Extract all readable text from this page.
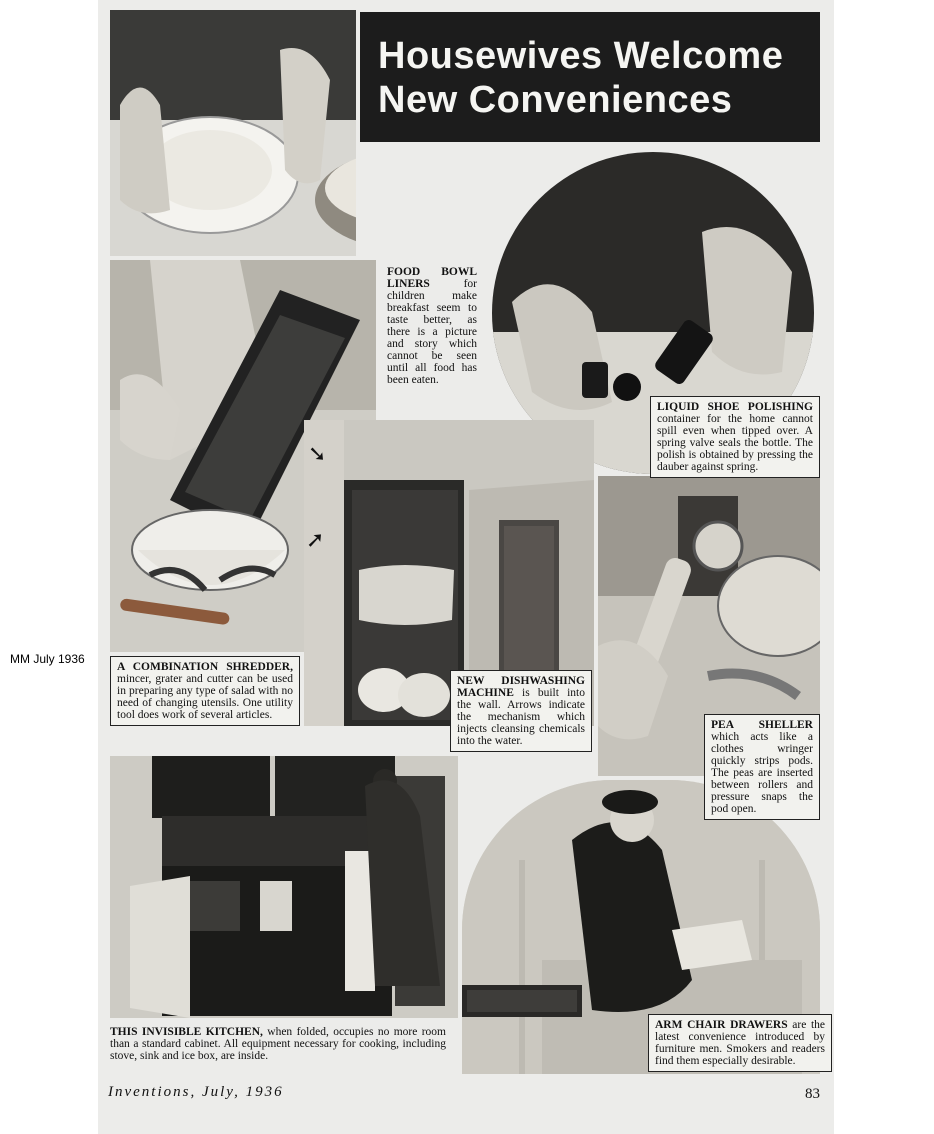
MM July 1936
Housewives Welcome
New Conveniences
➘
➚
FOOD BOWL LINERS for children make breakfast seem to taste better, as there is a picture and story which cannot be seen until all food has been eaten.
LIQUID SHOE POLISHING container for the home cannot spill even when tipped over. A spring valve seals the bottle. The polish is obtained by pressing the dauber against spring.
A COMBINATION SHREDDER, mincer, grater and cutter can be used in preparing any type of salad with no need of changing utensils. One utility tool does work of several articles.
NEW DISHWASHING MACHINE is built into the wall. Arrows indicate the mechanism which injects cleansing chemicals into the water.
PEA SHELLER which acts like a clothes wringer quickly strips pods. The peas are inserted between rollers and pressure snaps the pod open.
THIS INVISIBLE KITCHEN, when folded, occupies no more room than a standard cabinet. All equipment necessary for cooking, including stove, sink and ice box, are inside.
ARM CHAIR DRAWERS are the latest convenience introduced by furniture men. Smokers and readers find them especially desirable.
Inventions, July, 1936	83
